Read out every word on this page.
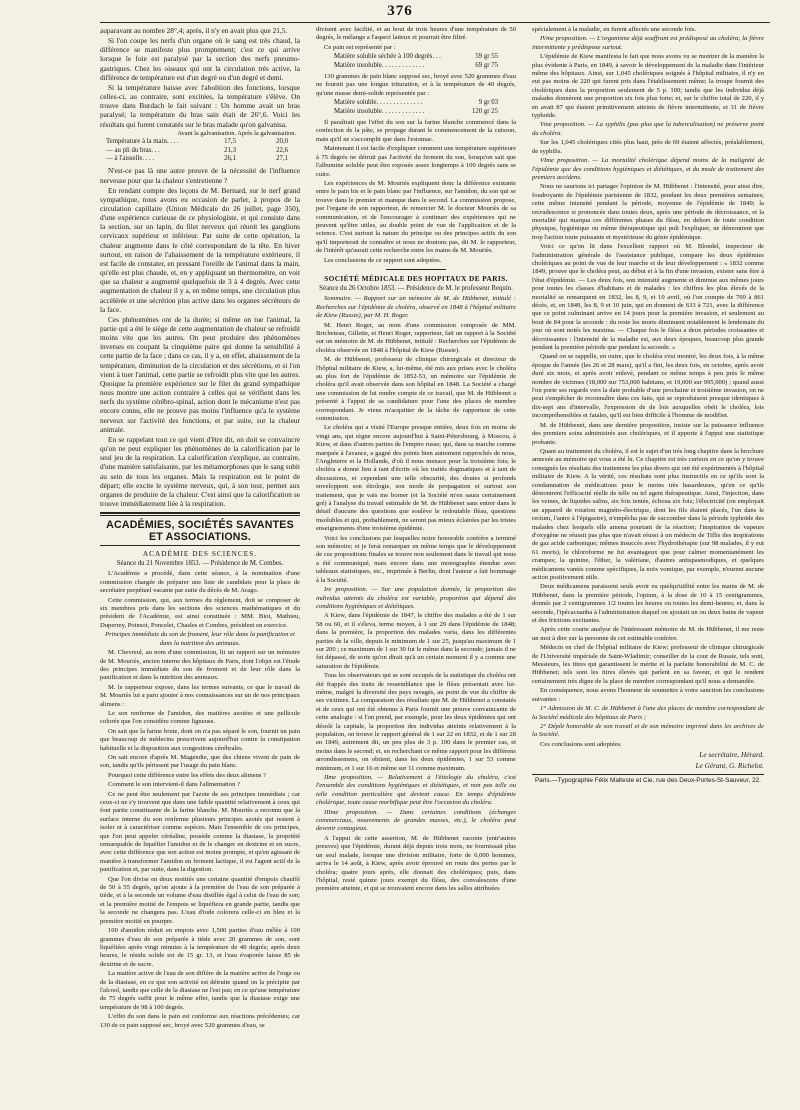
376

auparavant au nombre 28°,4; après, il n'y en avait plus que 21,5.

Si l'on coupe les nerfs d'un organe où le sang est très chaud, la différence se manifeste plus promptement; c'est ce qui arrive lorsque le foie est paralysé par la section des nerfs pneumo-gastriques. Chez les oiseaux qui ont la circulation très active, la différence de température est d'un degré ou d'un degré et demi.

Si la température baisse avec l'abolition des fonctions, lorsque celles-ci, au contraire, sont excitées, la température s'élève. On trouve dans Burdach le fait suivant : Un homme avait un bras paralysé; la température du bras sain était de 26°,6. Voici les résultats qui furent constatés sur le bras malade qu'on galvanisa.

Avant la galvanisation. Après la galvanisation.
Température à la main. . . .	17,5	20,0
— au pli du bras. . .	21,3	22,6
— à l'aisselle. . . .	26,1	27,1

N'est-ce pas là une autre preuve de la nécessité de l'influence nerveuse pour que la chaleur s'entretienne ?

En rendant compte des leçons de M. Bernard, sur le nerf grand sympathique, nous avons eu occasion de parler, à propos de la circulation capillaire (Union Médicale du 26 juillet, page 350), d'une expérience curieuse de ce physiologiste, et qui consiste dans la section, sur un lapin, du filet nerveux qui réunit les ganglions cervicaux supérieur et inférieur. Par suite de cette opération, la chaleur augmente dans le côté correspondant de la tête. En hiver surtout, en raison de l'abaissement de la température extérieure, il est facile de constater, en pressant l'oreille de l'animal dans la main, qu'elle est plus chaude, et, en y appliquant un thermomètre, on voit que sa chaleur a augmenté quelquefois de 3 à 4 degrés. Avec cette augmentation de chaleur il y a, en même temps, une circulation plus accélérée et une sécrétion plus active dans les organes sécréteurs de la face.

Ces phénomènes ont de la durée; si même on tue l'animal, la partie qui a été le siège de cette augmentation de chaleur se refroidit moins vite que les autres. On peut produire des phénomènes inverses en coupant la cinquième paire qui donne la sensibilité à cette partie de la face ; dans ce cas, il y a, en effet, abaissement de la température, diminution de la circulation et des sécrétions, et si l'on vient à tuer l'animal, cette partie se refroidit plus vite que les autres. Quoique la première expérience sur le filet du grand sympathique nous montre une action contraire à celles qui se vérifient dans les nerfs du système cérébro-spinal, action dont le mécanisme n'est pas encore connu, elle ne prouve pas moins l'influence qu'a le système nerveux sur l'activité des fonctions, et par suite, sur la chaleur animale.

En se rappelant tout ce qui vient d'être dit, on doit se convaincre qu'on ne peut expliquer les phénomènes de la calorification par le seul jeu de la respiration. La calorification s'explique, au contraire, d'une manière satisfaisante, par les métamorphoses que le sang subit au sein de tous les organes. Mais la respiration est le point de départ; elle excite le système nerveux, qui, à son tour, permet aux organes de produire de la chaleur. C'est ainsi que la calorification se trouve immédiatement liée à la respiration.

ACADÉMIES, SOCIÉTÉS SAVANTES ET ASSOCIATIONS.
ACADÉMIE DES SCIENCES.
Séance du 21 Novembre 1853. — Présidence de M. Combes.

L'Académie a procédé, dans cette séance, à la nomination d'une commission chargée de préparer une liste de candidats pour la place de secrétaire perpétuel vacante par suite du décès de M. Arago.

Cette commission, qui, aux termes du règlement, doit se composer de six membres pris dans les sections des sciences mathématiques et du président de l'Académie, est ainsi constituée : MM. Biot, Mathieu, Duperrey, Poinsot, Poncelet, Chasles et Combes, président en exercice.

Principes immédiats du son de froment, leur rôle dans la panification et dans la nutrition des animaux.

M. Chevreul, au nom d'une commission, lit un rapport sur un mémoire de M. Mouriès, ancien interne des hôpitaux de Paris, dont l'objet est l'étude des principes immédiats du son de froment et de leur rôle dans la panification et dans la nutrition des animaux.

M. le rapporteur expose, dans les termes suivants, ce que le travail de M. Mouriès lui a paru ajouter à nos connaissances sur un de nos principaux alimens :

Le son renferme de l'amidon, des matières azotées et une pellicule colorée que l'on considère comme ligneuse.

On sait que la farine brute, dont on n'a pas séparé le son, fournit un pain que beaucoup de médecins prescrivent aujourd'hui contre la constipation habituelle et la disposition aux congestions cérébrales.

On sait encore d'après M. Magendie, que des chiens vivent de pain de son, tandis qu'ils périssent par l'usage du pain blanc.

Pourquoi cette différence entre les effets des deux alimens ?

Comment le son intervient-il dans l'alimentation ?

Ce ne peut être seulement par l'azote de ses principes immédiats ; car ceux-ci ne s'y trouvent que dans une faible quantité relativement à ceux qui font partie constituante de la farine blanche. M. Mouriès a reconnu que la surface interne du son renferme plusieurs principes azotés qui restent à isoler et à caractériser comme espèces. Mais l'ensemble de ces principes, que l'on peut appeler céréaline, possède comme la diastase, la propriété remarquable de liquéfier l'amidon et de le changer en dextrine et en sucre, avec cette différence que son action est moins prompte, et qu'en agissant de manière à transformer l'amidon en ferment lactique, il est l'agent actif de la panification et, par suite, dans la digestion.

Que l'on divise en deux moitiés une certaine quantité d'empois chauffé de 50 à 55 degrés, qu'on ajoute à la première de l'eau de son préparée à tiède, et à la seconde un volume d'eau distillée égal à celui de l'eau de son; et la première moitié de l'empois se liquéfiera en grande partie, tandis que la seconde ne changera pas. L'eau d'iode colorera celle-ci en bleu et la première moitié en pourpre.

100 d'amidon réduit en empois avec 1,500 parties d'eau mêlée à 100 grammes d'eau de son préparée à tiède avec 20 grammes de son, sont liquéfiées après vingt minutes à la température de 40 degrés; après deux heures, le résidu solide est de 15 gr. 13, et l'eau évaporée laisse 85 de dextrine et de sucre.

La matière active de l'eau de son diffère de la matière active de l'orge ou de la diastase, en ce que son activité est détruite quand on la précipite par l'alcool, tandis que celle de la diastase ne l'est pas; en ce qu'une température de 75 degrés suffit pour le même effet, tandis que la diastase exige une température de 98 à 100 degrés.

L'effet du son dans le pain est conforme aux réactions précédentes; car 130 de ce pain supposé sec, broyé avec 520 grammes d'eau, se

divisent avec facilité, et au bout de trois heures d'une température de 50 degrés, le mélange a l'aspect laiteux et pourrait être filtré.

Ce pain est représenté par :

Matière soluble séchée à 100 degrés. . .	59 gr 55
Matière insoluble. . . . . . . . . . . . .	69 gr 75

130 grammes de pain blanc supposé sec, broyé avec 520 grammes d'eau ne fournit pas une longue trituration, et à la température de 40 degrés, qu'une masse demi-solide représentée par :

Matière soluble. . . . . . . . . . . . . .	9 gr 03
Matière insoluble. . . . . . . . . . . . .	120 gr 25

Il paraîtrait que l'effet du son sur la farine blanche commencé dans la confection de la pâte, se propage durant le commencement de la cuisson, mais qu'il ne s'accomplit que dans l'estomac.

Maintenant il est facile d'expliquer comment une température supérieure à 75 degrés ne détruit pas l'activité du ferment du son, lorsqu'on sait que l'albumine soluble peut être exposée assez longtemps à 100 degrés sans se cuire.

Les expériences de M. Mouriès expliquent donc la différence existante entre le pain bis et le pain blanc par l'influence, sur l'amidon, du son qui se trouve dans le premier et manque dans le second. La commission propose, par l'organe de son rapporteur, de remercier M. le docteur Mouriès de sa communication, et de l'encourager à continuer des expériences qui ne peuvent qu'être utiles, au double point de vue de l'application et de la science. C'est surtout la nature du principe ou des principes actifs du son qu'il importerait de connaître et nous ne doutons pas, dit M. le rapporteur, de l'intérêt qu'aurait cette recherche entre les mains de M. Mouriès.

Les conclusions de ce rapport sont adoptées.

SOCIÉTÉ MÉDICALE DES HOPITAUX DE PARIS.
Séance du 26 Octobre 1853. — Présidence de M. le professeur Requin.

Sommaire. — Rapport sur un mémoire de M. de Hübbenet, intitulé : Recherches sur l'épidémie de choléra, observé en 1848 à l'hôpital militaire de Kiew (Russie), par M. H. Roger.

M. Henri Roger, au nom d'une commission composée de MM. Bricheteau, Gillette, et Henri Roger, rapporteur, fait un rapport à la Société sur un mémoire de M. de Hübbenet, intitulé : Recherches sur l'épidémie de choléra observée en 1848 à l'hôpital de Kiew (Russie).

M. de Hübbenet, professeur de clinique chirurgicale et directeur de l'hôpital militaire de Kiew, a, lui-même, été mis aux prises avec le choléra au plus fort de l'épidémie de 1852-53, un mémoire sur l'épidémie de choléra qu'il avait observée dans son hôpital en 1848. La Société a chargé une commission de lui rendre compte de ce travail, que M. de Hübbenet a présenté à l'appui de sa candidature pour l'une des places de membre correspondant. Je viens m'acquitter de la tâche de rapporteur de cette commission.

Le choléra qui a visité l'Europe presque entière, deux fois en moins de vingt ans, qui règne encore aujourd'hui à Saint-Pétersbourg, à Moscou, à Kiew, et dans d'autres parties de l'empire russe; qui, dans sa marche comme marquée à l'avance, a gagné des points bien autrement rapprochés de nous, l'Angleterre et la Hollande, d'où il nous menace pour la troisième fois; le choléra a donné lieu à tant d'écrits où les traités dogmatiques et à tant de discussions, et cependant une telle obscurité, des doutes si profonds enveloppent son étiologie, son mode de propagation et surtout son traitement, que je vais me borner (et la Société m'en saura certainement gré) à l'analyse du travail estimable de M. de Hübbenet sans entrer dans le détail d'aucune des questions que soulève le redoutable fléau, questions insolubles et qui, probablement, ne seront pas mieux éclairées par les tristes enseignements d'une troisième épidémie.

Voici les conclusions par lesquelles notre honorable confrère a terminé son mémoire; et je ferai remarquer en même temps que le développement de ces propositions finales se trouve non seulement dans le travail qui nous a été communiqué, mais encore dans une monographie étendue avec tableaux statistiques, etc., imprimée à Berlin, dont l'auteur a fait hommage à la Société.

Ire proposition. — Sur une population donnée, la proportion des individus atteints du choléra est variable, proportion qui dépend des conditions hygiéniques et diététiques.

A Kiew, dans l'épidémie de 1847, le chiffre des malades a été de 1 sur 58 ou 60, et il s'éleva, terme moyen, à 1 sur 29 dans l'épidémie de 1848; dans la première, la proportion des malades varia, dans les différentes parties de la ville, depuis le minimum de 1 sur 25, jusqu'au maximum de 1 sur 200 ; ce maximum de 1 sur 30 fut le même dans la seconde; jamais il ne fut dépassé, de sorte qu'on dirait qu'à un certain moment il y a comme une saturation de l'épidémie.

Tous les observateurs qui se sont occupés de la statistique du choléra ont été frappés des traits de ressemblance que le fléau présentait avec lui-même, malgré la diversité des pays ravagés, au point de vue du chiffre de ses victimes. La comparaison des résultats que M. de Hübbenet a constatés et de ceux qui ont été obtenus à Paris fournit une preuve convaincante de cette analogie : si l'on prend, par exemple, pour les deux épidémies qui ont désolé la capitale, la proportion des individus atteints relativement à la population, on trouve le rapport général de 1 sur 22 en 1832, et de 1 sur 28 en 1849, autrement dit, un peu plus de 3 p. 100 dans le premier cas, et moins dans le second; et, en recherchant ce même rapport pour les différens arrondissemens, on obtient, dans les deux épidémies, 1 sur 53 comme minimum, et 1 sur 16 et même sur 11 comme maximum.

IIme proposition. — Relativement à l'étiologie du choléra, c'est l'ensemble des conditions hygiéniques et diététiques, et non pas telle ou telle condition particulière qui devient cause. En temps d'épidémie cholérique, toute cause morbifique peut être l'occasion du choléra.

IIIme proposition. — Dans certaines conditions (échanges commerciaux, mouvements de grandes masses, etc.), le choléra peut devenir contagieux.

A l'appui de cette assertion, M. de Hübbenet raconte (entr'autres preuves) que l'épidémie, durant déjà depuis trois mois, ne fournissait plus un seul malade, lorsque une division militaire, forte de 6,000 hommes, arriva le 14 août, à Kiew, après avoir éprouvé en route des pertes par le choléra; quatre jours après, elle donnait des cholériques; puis, dans l'hôpital, resté quinze jours exempt du fléau, des convalescens d'une première atteinte, et qui se trouvaient encore dans les salles attribuées

spécialement à la maladie, en furent affectés une seconde fois.

IVme proposition. — L'organisme déjà souffrant est prédisposé au choléra; la fièvre intermittente y prédispose surtout.

L'épidémie de Kiew manifesta le fait que nous avons vu se montrer de la manière la plus évidente à Paris, en 1849, à savoir le développement de la maladie dans l'intérieur même des hôpitaux. Ainsi, sur 1,045 cholériques soignés à l'hôpital militaire, il n'y en eut pas moins de 220 qui furent pris dans l'établissement même; la troupe fournit des cholériques dans la proportion seulement de 5 p. 100; tandis que les individus déjà malades donnèrent une proportion six fois plus forte; et, sur le chiffre total de 220, il y en avait 87 qui étaient primitivement atteints de fièvre intermittente, et 31 de fièvre typhoïde.

Vme proposition. — La syphilis (pas plus que la tuberculisation) ne préserve point du choléra.

Sur les 1,045 cholériques cités plus haut, près de 69 étaient affectés, préalablement, de syphilis.

VIme proposition. — La mortalité cholérique dépend moins de la malignité de l'épidémie que des conditions hygiéniques et diététiques, et du mode de traitement des premiers accidens.

Nous ne saurions ici partager l'opinion de M. Hübbenet : l'intensité, pour ainsi dire, foudroyante de l'épidémie parisienne de 1832, pendant les deux premières semaines; cette même intensité pendant la période, moyenne de l'épidémie de 1849; la recrudescence si prononcée dans toutes deux, après une période de décroissance, et la mortalité qui marqua ces différentes phases du fléau, en dehors de toute condition physique, hygiénique ou même thérapeutique qui puît l'expliquer, ne démontrent que trop l'action toute puissante et mystérieuse du génie épidémique.

Voici ce qu'on lit dans l'excellent rapport où M. Blondel, inspecteur de l'administration générale de l'assistance publique, compare les deux épidémies cholériques au point de vue de leur marche et de leur développement : « 1832 comme 1849, prouve que le choléra peut, au début et à la fin d'une invasion, exister sans être à l'état d'épidémie. — Les deux fois, son intensité augmente et diminue aux mêmes jours pour toutes les classes d'habitans et de malades : les chiffres les plus élevés de la mortalité se remarquent en 1832, les 8, 9, et 10 avril, où l'on compte de 769 à 861 décès, et, en 1849, les 8, 9 et 10 juin, qui en donnent de 633 à 721, avec la différence que ce point culminant arrive en 14 jours pour la première invasion, et seulement au bout de 84 pour la seconde : du reste les morts diminuent notablement le lendemain du jour où sont notés les maxima. — Chaque fois le fléau a deux périodes croissantes et décroissantes : l'intensité de la maladie est, aux deux époques, beaucoup plus grande pendant la première période que pendant la seconde. »

Quand on se rappelle, en outre, que le choléra s'est montré, les deux fois, à la même époque de l'année (les 26 et 28 mars), qu'il a fini, les deux fois, en octobre, après avoir duré six mois, et après avoir enlevé, pendant ce même temps à peu près le même nombre de victimes (18,000 sur 753,000 habitans, et 19,000 sur 995,000) ; quand aussi l'on porte ses regards vers la date probable d'une prochaine et troisième invasion, on ne peut s'empêcher de reconnaître dans ces faits, qui se reproduisent presque identiques à dix-sept ans d'intervalle, l'expression de de lois auxquelles obéit le choléra, lois incompréhensibles et fatales, qu'il est bien difficile à l'homme de modifier.

M. de Hübbenet, dans une dernière proposition, insiste sur la puissance influence des premiers soins administrés aux cholériques, et il apporte à l'appui une statistique probante.

Quant au traitement du choléra, il est le sujet d'un très long chapitre dans la brochure annexée au mémoire qui vous a été lu. Ce chapitre est très curieux en ce qu'on y trouve consignés les résultats des traitemens les plus divers qui ont été expérimentés à l'hôpital militaire de Kiew. A la vérité, ces résultats sont plus instructifs en ce qu'ils sont la condamnation de médications pour le moins très hasardeuses, qu'en ce qu'ils démontrent l'efficacité réelle de telle ou tel agent thérapeutique. Ainsi, l'injection, dans les veines, de liquides salins, six fois tentée, échoua six fois; l'électricité (on employait un appareil de rotation magnéto-électrique, dont les fils étaient placés, l'un dans le rectum, l'autre à l'épigastre), n'empêcha pas de succomber dans la période typhoïde des malades chez lesquels elle amena pourtant de la réaction; l'inspiration de vapeurs d'oxygène ne réussit pas plus que n'avait réussi à un médecin de Tiflis des inspirations de gaz acide carbonique; mêmes insuccès avec l'hydrothérapie (sur 98 malades, il y eut 61 morts), le chloroforme ne fut avantageux que pour calmer momentanément les crampes; la quinine, l'éther, la valériane, d'autres antispasmodiques, et quelques médicamens vantés comme spécifiques, la noix vomique, par exemple, n'eurent aucune action positivement utile.

Deux médicamens paraissent seuls avoir eu quelqu'utilité entre les mains de M. de Hübbenet, dans la première période, l'opium, à la dose de 10 à 15 centigrammes, donnés par 2 centigrammes 1/2 toutes les heures ou toutes les demi-heures; et, dans la seconde, l'ipécacuanha à l'administration duquel on ajoutait un ou deux bains de vapeur et des frictions excitantes.

Après cette courte analyse de l'intéressant mémoire de M. de Hübbenet, il me reste un mot à dire sur la personne de cet estimable confrère.

Médecin en chef de l'hôpital militaire de Kiew; professeur de clinique chirurgicale de l'Université impériale de Saint-Wladimir; conseiller de la cour de Russie, tels sont, Messieurs, les titres qui garantissent le mérite et la parfaite honorabilité de M. C. de Hübbenet; tels sont les titres élevés qui parlent en sa faveur, et qui le rendent certainement très digne de la place de membre correspondant qu'il nous a demandée.

En conséquence, nous avons l'honneur de soumettre à votre sanction les conclusions suivantes :

1° Admission de M. C. de Hübbenet à l'une des places de membre correspondant de la Société médicale des hôpitaux de Paris ;

2° Dépôt honorable de son travail et de son mémoire imprimé dans les archives de la Société.

Ces conclusions sont adoptées.

Le secrétaire, Hérard.
Le Gérant, G. Richelot.
Paris.—Typographie Félix Malteste et Cie, rue des Deux-Portes-St-Sauveur, 22.
